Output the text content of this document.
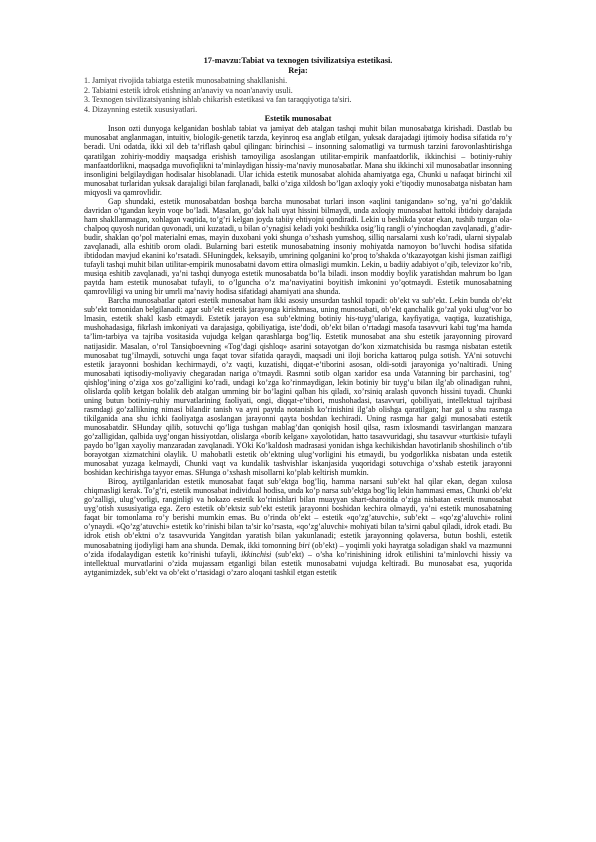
17-mavzu:Tabiat va texnogen tsivilizatsiya estetikasi.

Reja:

1. Jamiyat rivojida tabiatga estetik munosabatning shakllanishi.
2. Tabiatni estetik idrok etishning an'anaviy va noan'anaviy usuli.
3. Texnogen tsivilizatsiyaning ishlab chikarish estetikasi va fan taraqqiyotiga ta'siri.
4. Dizaynning estetik xususiyatlari.

Estetik munosabat

Inson ozti dunyoga kelganidan boshlab tabiat va jamiyat deb atalgan tashqi muhit bilan munosabatga kirishadi. Dastlab bu munosabat anglanmagan, intuitiv, biologik-genetik tarzda, keyinroq esa anglab etilgan, yuksak darajadagi ijtimoiy hodisa sifatida ro’y beradi. Uni odatda, ikki xil deb ta’riflash qabul qilingan: birinchisi – insonning salomatligi va turmush tarzini farovonlashtirishga qaratilgan zohiriy-moddiy maqsadga erishish tamoyiliga asoslangan utilitar-empirik manfaatdorlik, ikkinchisi – botiniy-ruhiy manfaatdorlikni, maqsadga muvofiqlikni ta’minlaydigan hissiy-ma’naviy munosabatlar. Mana shu ikkinchi xil munosabatlar insonning insonligini belgilaydigan hodisalar hisoblanadi. Ular ichida estetik munosabat alohida ahamiyatga ega, Chunki u nafaqat birinchi xil munosabat turlaridan yuksak darajaligi bilan farqlanadi, balki o’ziga xildosh bo’lgan axloqiy yoki e’tiqodiy munosabatga nisbatan ham miqyosli va qamrovlidir.

Gap shundaki, estetik munosabatdan boshqa barcha munosabat turlari inson «aqlini tanigandan» so’ng, ya’ni go’daklik davridan o’tgandan keyin voqe bo’ladi. Masalan, go’dak hali uyat hissini bilmaydi, unda axloqiy munosabat hattoki ibtidoiy darajada ham shakllanmagan, xohlagan vaqtida, to’g’ri kelgan joyda tabiiy ehtiyojni qondiradi. Lekin u beshikda yotar ekan, tushib turgan ola-chalpoq quyosh nuridan quvonadi, uni kuzatadi, u bilan o’ynagisi keladi yoki beshikka osig’liq rangli o’yinchoqdan zavqlanadi, g’adir-budir, shaklan qo’pol materialni emas, mayin duxobani yoki shunga o’xshash yumshoq, silliq narsalarni xush ko’radi, ularni siypalab zavqlanadi, alla eshitib orom oladi. Bularning bari estetik munosabatning insoniy mohiyatda namoyon bo’luvchi hodisa sifatida ibtidodan mavjud ekanini ko’rsatadi. SHuningdek, keksayib, umrining qolganini ko’proq to’shakda o’tkazayotgan kishi jisman zaifligi tufayli tashqi muhit bilan utilitar-empirik munosabatni davom ettira olmasligi mumkin. Lekin, u badiiy adabiyot o’qib, televizor ko’rib, musiqa eshitib zavqlanadi, ya’ni tashqi dunyoga estetik munosabatda bo’la biladi. inson moddiy boylik yaratishdan mahrum bo lgan paytda ham estetik munosabat tufayli, to o’lguncha o’z ma’naviyatini boyitish imkonini yo’qotmaydi. Estetik munosabatning qamrovliligi va uning bir umrli ma’naviy hodisa sifatidagi ahamiyati ana shunda.

Barcha munosabatlar qatori estetik munosabat ham ikki asosiy unsurdan tashkil topadi: ob’ekt va sub’ekt. Lekin bunda ob’ekt sub’ekt tomonidan belgilanadi: agar sub’ekt estetik jarayonga kirishmasa, uning munosabati, ob’ekt qanchalik go’zal yoki ulug’vor bo lmasin, estetik shakl kasb etmaydi. Estetik jarayon esa sub’ektning botiniy his-tuyg’ulariga, kayfiyatiga, vaqtiga, kuzatishiga, mushohadasiga, fikrlash imkoniyati va darajasiga, qobiliyatiga, iste’dodi, ob’ekt bilan o’rtadagi masofa tasavvuri kabi tug’ma hamda ta’lim-tarbiya va tajriba vositasida vujudga kelgan qarashlarga bog’liq. Estetik munosabat ana shu estetik jarayonning pirovard natijasidir. Masalan, o’rol Tansiqboevning «Tog’dagi qishloq» asarini sotayotgan do’kon xizmatchisida bu rasmga nisbatan estetik munosabat tug’ilmaydi, sotuvchi unga faqat tovar sifatida qaraydi, maqsadi uni iloji boricha kattaroq pulga sotish. YA’ni sotuvchi estetik jarayonni boshidan kechirmaydi, o’z vaqti, kuzatishi, diqqat-e’tiborini asosan, oldi-sotdi jarayoniga yo’naltiradi. Uning munosabati iqtisodiy-moliyaviy chegaradan nariga o’tmaydi. Rasmni sotib olgan xaridor esa unda Vatanning bir parchasini, tog’ qishlog’ining o’ziga xos go’zalligini ko’radi, undagi ko’zga ko’rinmaydigan, lekin botiniy bir tuyg’u bilan ilg’ab olinadigan ruhni, olislarda qolib ketgan bolalik deb atalgan umrning bir bo’lagini qalban his qiladi, xo’rsiniq aralash quvonch hissini tuyadi. Chunki uning butun botiniy-ruhiy murvatlarining faoliyati, ongi, diqqat-e’tibori, mushohadasi, tasavvuri, qobiliyati, intellektual tajribasi rasmdagi go’zallikning nimasi bilandir tanish va ayni paytda notanish ko’rinishini ilg’ab olishga qaratilgan; har gal u shu rasmga tikilganida ana shu ichki faoliyatga asoslangan jarayonni qayta boshdan kechiradi. Uning rasmga har galgi munosabati estetik munosabatdir. SHunday qilib, sotuvchi qo’liga tushgan mablag’dan qoniqish hosil qilsa, rasm ixlosmandi tasvirlangan manzara go’zalligidan, qalbida uyg’ongan hissiyotdan, olislarga «borib kelgan» xayolotidan, hatto tasavvuridagi, shu tasavvur «turtkisi» tufayli paydo bo’lgan xayoliy manzaradan zavqlanadi. YOki Ko’kaldosh madrasasi yonidan ishga kechikishdan havotirlanib shoshilinch o’tib borayotgan xizmatchini olaylik. U mahobatli estetik ob’ektning ulug’vorligini his etmaydi, bu yodgorlikka nisbatan unda estetik munosabat yuzaga kelmaydi, Chunki vaqt va kundalik tashvishlar iskanjasida yuqoridagi sotuvchiga o’xshab estetik jarayonni boshidan kechirishga tayyor emas. SHunga o’xshash misollarni ko’plab keltirish mumkin.

Biroq, aytilganlaridan estetik munosabat faqat sub’ektga bog’liq, hamma narsani sub’ekt hal qilar ekan, degan xulosa chiqmasligi kerak. To’g’ri, estetik munosabat individual hodisa, unda ko’p narsa sub’ektga bog’liq lekin hammasi emas, Chunki ob’ekt go’zalligi, ulug’vorligi, ranginligi va hokazo estetik ko’rinishlari bilan muayyan shart-sharoitda o’ziga nisbatan estetik munosabat uyg’otish xususiyatiga ega. Zero estetik ob’ektsiz sub’ekt estetik jarayonni boshidan kechira olmaydi, ya’ni estetik munosabatning faqat bir tomonlama ro’y berishi mumkin emas. Bu o’rinda ob’ekt – estetik «qo’zg’atuvchi», sub’ekt – «qo’zg’aluvchi» rolini o’ynaydi. «Qo’zg’atuvchi» estetik ko’rinishi bilan ta’sir ko’rsasta, «qo’zg’aluvchi» mohiyati bilan ta’sirni qabul qiladi, idrok etadi. Bu idrok etish ob’ektni o’z tasavvurida Yangitdan yaratish bilan yakunlanadi; estetik jarayonning qolaversa, butun boshli, estetik munosabatning ijodiyligi ham ana shunda. Demak, ikki tomonning biri (ob’ekt) – yoqimli yoki hayratga soladigan shakl va mazmunni o’zida ifodalaydigan estetik ko’rinishi tufayli, ikkinchisi (sub’ekt) – o’sha ko’rinishining idrok etilishini ta’minlovchi hissiy va intellektual murvatlarini o’zida mujassam etganligi bilan estetik munosabatni vujudga keltiradi. Bu munosabat esa, yuqorida aytganimizdek, sub’ekt va ob’ekt o’rtasidagi o’zaro aloqani tashkil etgan estetik
